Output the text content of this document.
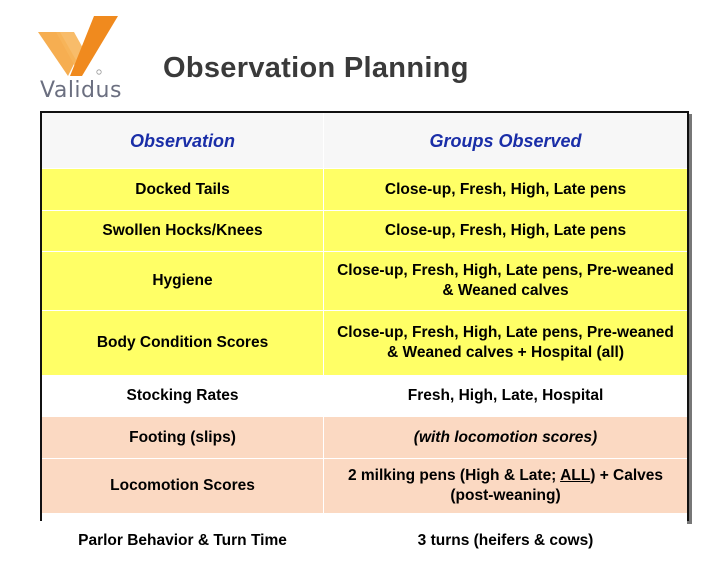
Validus
Observation Planning
Observation	Groups Observed
Docked Tails	Close-up, Fresh, High, Late pens
Swollen Hocks/Knees	Close-up, Fresh, High, Late pens
Hygiene	Close-up, Fresh, High, Late pens, Pre-weaned & Weaned calves
Body Condition Scores	Close-up, Fresh, High, Late pens, Pre-weaned & Weaned calves + Hospital (all)
Stocking Rates	Fresh, High, Late, Hospital
Footing (slips)	(with locomotion scores)
Locomotion Scores	2 milking pens (High & Late; ALL) + Calves (post-weaning)
Parlor Behavior & Turn Time	3 turns (heifers & cows)
